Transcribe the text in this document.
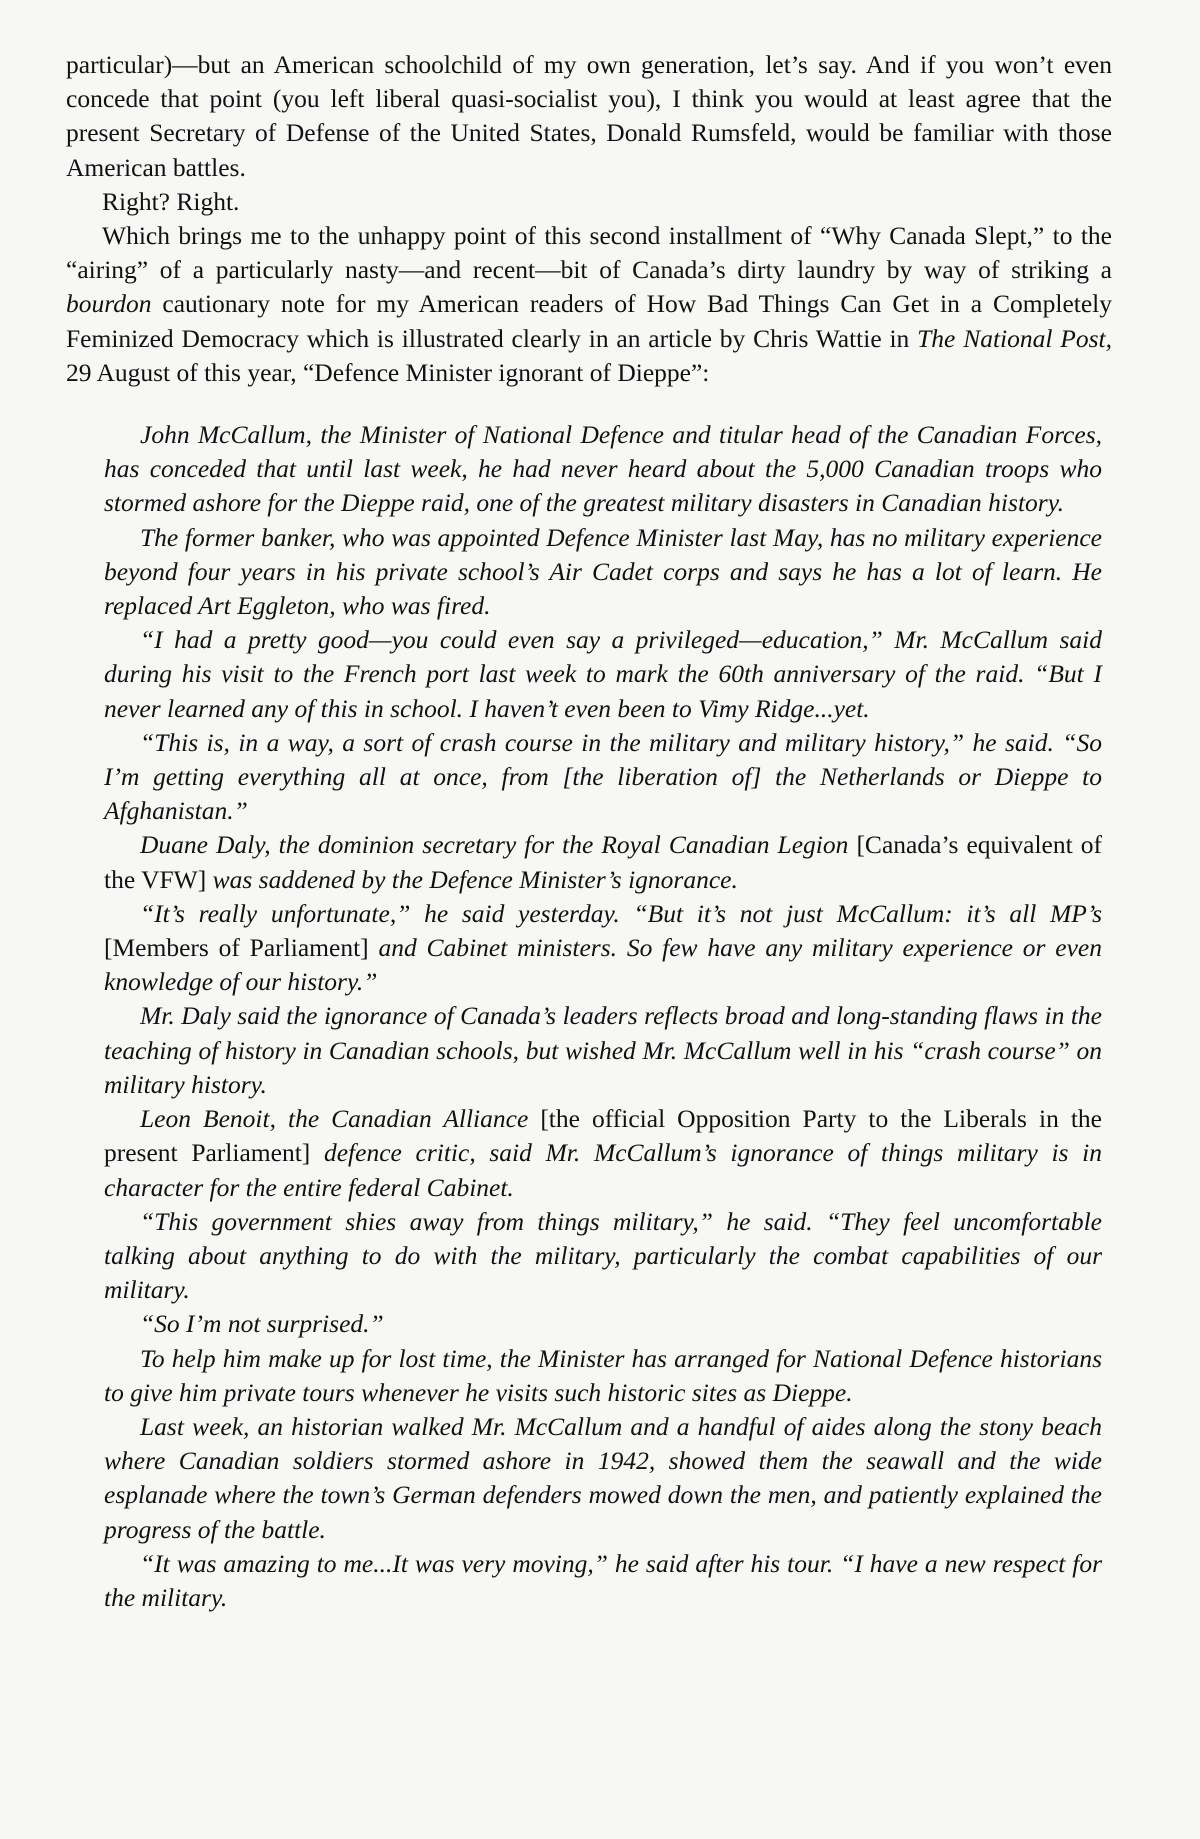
particular)—but an American schoolchild of my own generation, let’s say. And if you won’t even concede that point (you left liberal quasi-socialist you), I think you would at least agree that the present Secretary of Defense of the United States, Donald Rumsfeld, would be familiar with those American battles.

Right? Right.

Which brings me to the unhappy point of this second installment of “Why Canada Slept,” to the “airing” of a particularly nasty—and recent—bit of Canada’s dirty laundry by way of striking a bourdon cautionary note for my American readers of How Bad Things Can Get in a Completely Feminized Democracy which is illustrated clearly in an article by Chris Wattie in The National Post, 29 August of this year, “Defence Minister ignorant of Dieppe”:

John McCallum, the Minister of National Defence and titular head of the Canadian Forces, has conceded that until last week, he had never heard about the 5,000 Canadian troops who stormed ashore for the Dieppe raid, one of the greatest military disasters in Canadian history.

The former banker, who was appointed Defence Minister last May, has no military experience beyond four years in his private school’s Air Cadet corps and says he has a lot of learn. He replaced Art Eggleton, who was fired.

“I had a pretty good—you could even say a privileged—education,” Mr. McCallum said during his visit to the French port last week to mark the 60th anniversary of the raid. “But I never learned any of this in school. I haven’t even been to Vimy Ridge...yet.

“This is, in a way, a sort of crash course in the military and military history,” he said. “So I’m getting everything all at once, from [the liberation of] the Netherlands or Dieppe to Afghanistan.”

Duane Daly, the dominion secretary for the Royal Canadian Legion [Canada’s equivalent of the VFW] was saddened by the Defence Minister’s ignorance.

“It’s really unfortunate,” he said yesterday. “But it’s not just McCallum: it’s all MP’s [Members of Parliament] and Cabinet ministers. So few have any military experience or even knowledge of our history.”

Mr. Daly said the ignorance of Canada’s leaders reflects broad and long-standing flaws in the teaching of history in Canadian schools, but wished Mr. McCallum well in his “crash course” on military history.

Leon Benoit, the Canadian Alliance [the official Opposition Party to the Liberals in the present Parliament] defence critic, said Mr. McCallum’s ignorance of things military is in character for the entire federal Cabinet.

“This government shies away from things military,” he said. “They feel uncomfortable talking about anything to do with the military, particularly the combat capabilities of our military.

“So I’m not surprised.”

To help him make up for lost time, the Minister has arranged for National Defence historians to give him private tours whenever he visits such historic sites as Dieppe.

Last week, an historian walked Mr. McCallum and a handful of aides along the stony beach where Canadian soldiers stormed ashore in 1942, showed them the seawall and the wide esplanade where the town’s German defenders mowed down the men, and patiently explained the progress of the battle.

“It was amazing to me...It was very moving,” he said after his tour. “I have a new respect for the military.
